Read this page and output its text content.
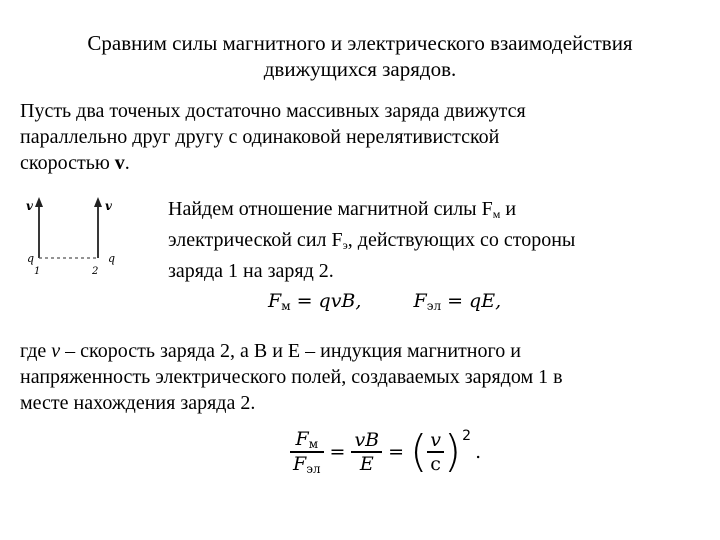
Сравним силы магнитного и электрического взаимодействия
движущихся зарядов.
Пусть два точеных достаточно массивных заряда движутся
параллельно друг другу с одинаковой нерелятивистской
скоростью v.
v	v
q	q
1	2
Найдем отношение магнитной силы $F_м$ и
электрической сил $F_э$, действующих со стороны
заряда 1 на заряд 2.
$F_м$ = qvB,	$F_{эл}$ = qE,
где v – скорость заряда 2, а B и E – индукция магнитного и
напряженность электрического полей, создаваемых зарядом 1 в
месте нахождения заряда 2.
$\frac{F_м}{F_{эл}} = \frac{vB}{E}$ = ( $\frac{v}{c}$ ) 2
.
